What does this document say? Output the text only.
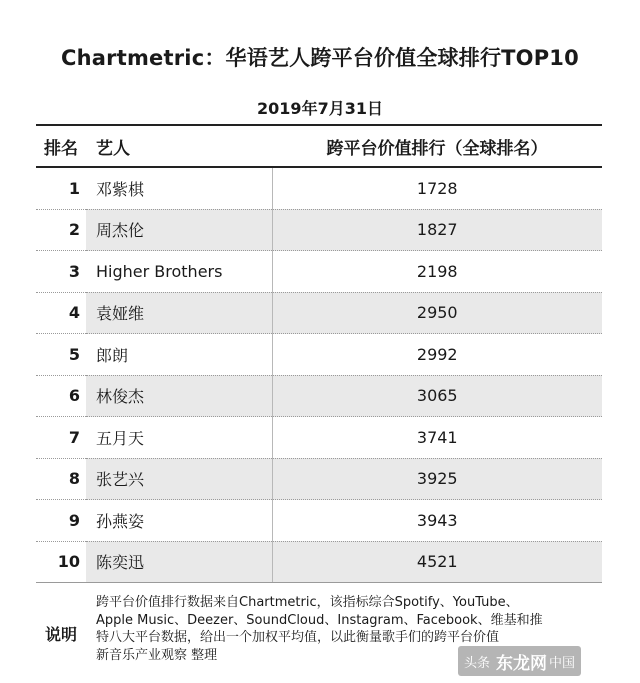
Chartmetric：华语艺人跨平台价值全球排行TOP10
2019年7月31日
排名	艺人	跨平台价值排行（全球排名）
1	邓紫棋	1728
2	周杰伦	1827
3	Higher Brothers	2198
4	袁娅维	2950
5	郎朗	2992
6	林俊杰	3065
7	五月天	3741
8	张艺兴	3925
9	孙燕姿	3943
10	陈奕迅	4521
说明
跨平台价值排行数据来自Chartmetric，该指标综合Spotify、YouTube、
Apple Music、Deezer、SoundCloud、Instagram、Facebook、维基和推
特八大平台数据，给出一个加权平均值，以此衡量歌手们的跨平台价值
新音乐产业观察 整理
头条 东龙网 中国
